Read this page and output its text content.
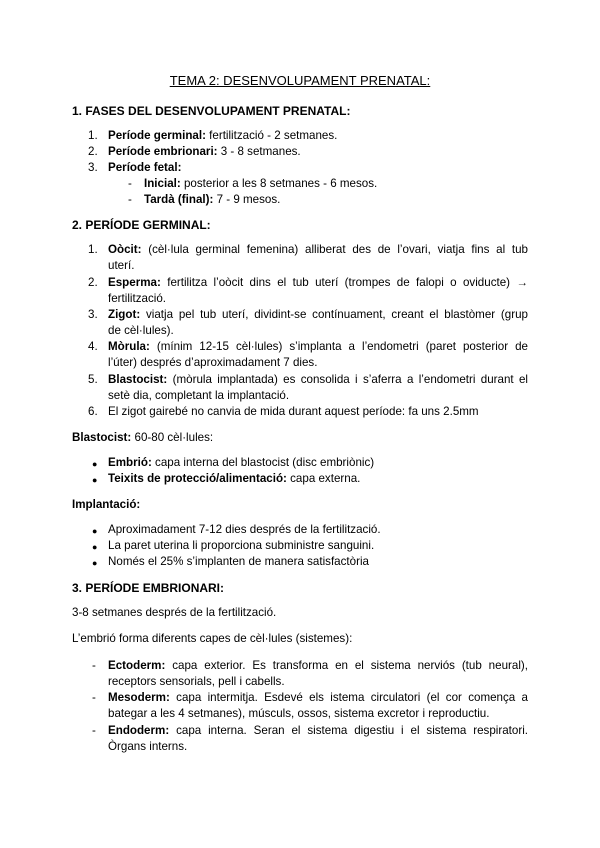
TEMA 2: DESENVOLUPAMENT PRENATAL:
1. FASES DEL DESENVOLUPAMENT PRENATAL:
1. Període germinal: fertilització - 2 setmanes.
2. Període embrionari: 3 - 8 setmanes.
3. Període fetal:
- Inicial: posterior a les 8 setmanes - 6 mesos.
- Tardà (final): 7 - 9 mesos.
2. PERÍODE GERMINAL:
1. Oòcit: (cèl·lula germinal femenina) alliberat des de l’ovari, viatja fins al tub
uterí.
2. Esperma: fertilitza l’oòcit dins el tub uterí (trompes de falopi o oviducte) →
fertilització.
3. Zigot: viatja pel tub uterí, dividint-se contínuament, creant el blastòmer (grup
de cèl·lules).
4. Mòrula: (mínim 12-15 cèl·lules) s’implanta a l’endometri (paret posterior de
l’úter) després d’aproximadament 7 dies.
5. Blastocist: (mòrula implantada) es consolida i s’aferra a l’endometri durant el
setè dia, completant la implantació.
6. El zigot gairebé no canvia de mida durant aquest període: fa uns 2.5mm
Blastocist: 60-80 cèl·lules:
● Embrió: capa interna del blastocist (disc embriònic)
● Teixits de protecció/alimentació: capa externa.
Implantació:
● Aproximadament 7-12 dies després de la fertilització.
● La paret uterina li proporciona subministre sanguini.
● Només el 25% s’implanten de manera satisfactòria
3. PERÍODE EMBRIONARI:
3-8 setmanes després de la fertilització.
L’embrió forma diferents capes de cèl·lules (sistemes):
- Ectoderm: capa exterior. Es transforma en el sistema nerviós (tub neural),
receptors sensorials, pell i cabells.
- Mesoderm: capa intermitja. Esdevé els istema circulatori (el cor comença a
bategar a les 4 setmanes), músculs, ossos, sistema excretor i reproductiu.
- Endoderm: capa interna. Seran el sistema digestiu i el sistema respiratori.
Òrgans interns.
